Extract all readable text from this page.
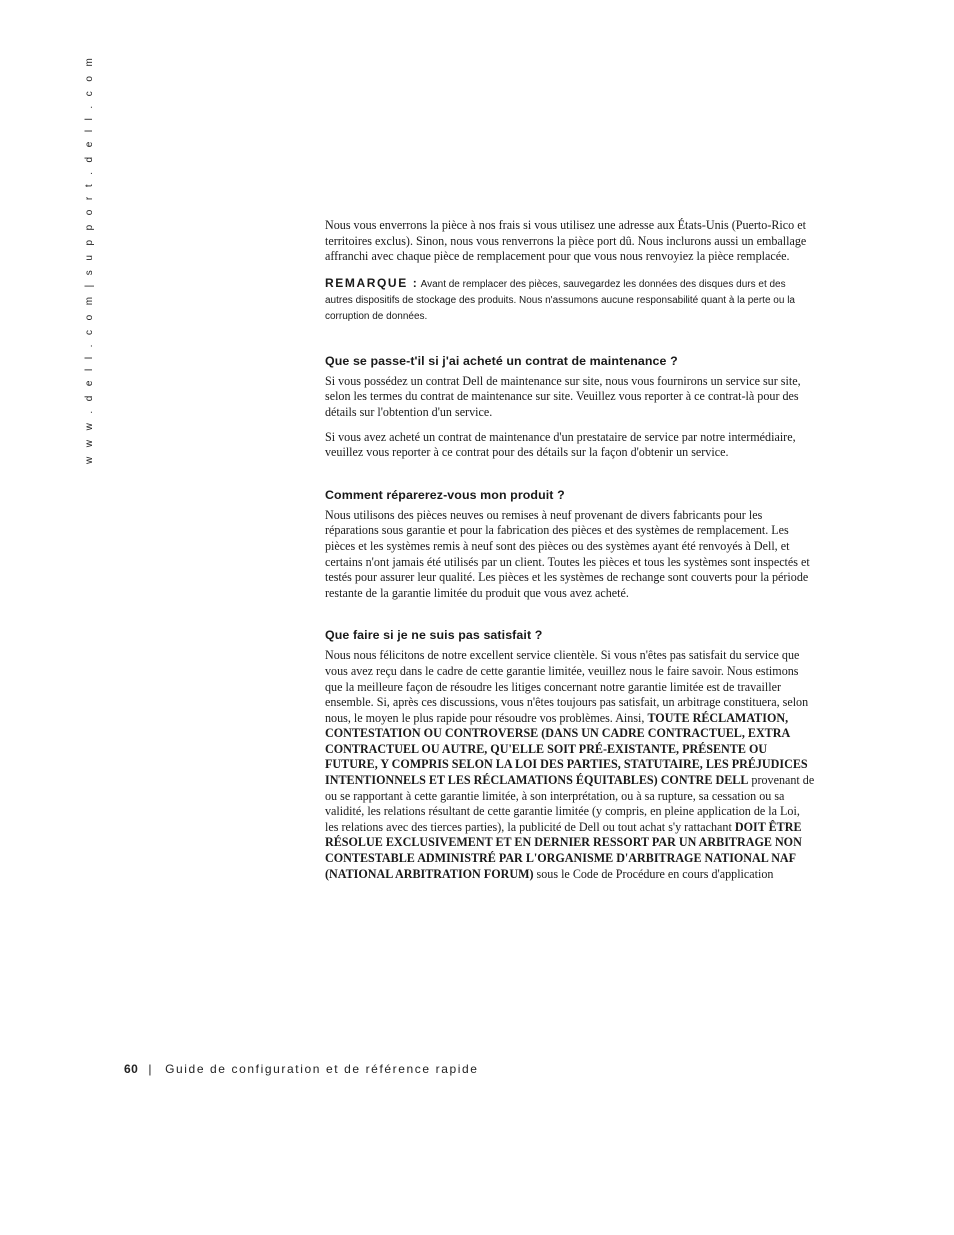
w w w . d e l l . c o m | s u p p o r t . d e l l . c o m	Nous vous enverrons la pièce à nos frais si vous utilisez une adresse aux États-Unis (Puerto-Rico et territoires exclus). Sinon, nous vous renverrons la pièce port dû. Nous inclurons aussi un emballage affranchi avec chaque pièce de remplacement pour que vous nous renvoyiez la pièce remplacée.

REMARQUE : Avant de remplacer des pièces, sauvegardez les données des disques durs et des autres dispositifs de stockage des produits. Nous n'assumons aucune responsabilité quant à la perte ou la corruption de données.
Que se passe-t'il si j'ai acheté un contrat de maintenance ?

Si vous possédez un contrat Dell de maintenance sur site, nous vous fournirons un service sur site, selon les termes du contrat de maintenance sur site. Veuillez vous reporter à ce contrat-là pour des détails sur l'obtention d'un service.

Si vous avez acheté un contrat de maintenance d'un prestataire de service par notre intermédiaire, veuillez vous reporter à ce contrat pour des détails sur la façon d'obtenir un service.

Comment réparerez-vous mon produit ?

Nous utilisons des pièces neuves ou remises à neuf provenant de divers fabricants pour les réparations sous garantie et pour la fabrication des pièces et des systèmes de remplacement. Les pièces et les systèmes remis à neuf sont des pièces ou des systèmes ayant été renvoyés à Dell, et certains n'ont jamais été utilisés par un client. Toutes les pièces et tous les systèmes sont inspectés et testés pour assurer leur qualité. Les pièces et les systèmes de rechange sont couverts pour la période restante de la garantie limitée du produit que vous avez acheté.

Que faire si je ne suis pas satisfait ?

Nous nous félicitons de notre excellent service clientèle. Si vous n'êtes pas satisfait du service que vous avez reçu dans le cadre de cette garantie limitée, veuillez nous le faire savoir. Nous estimons que la meilleure façon de résoudre les litiges concernant notre garantie limitée est de travailler ensemble. Si, après ces discussions, vous n'êtes toujours pas satisfait, un arbitrage constituera, selon nous, le moyen le plus rapide pour résoudre vos problèmes. Ainsi, TOUTE RÉCLAMATION, CONTESTATION OU CONTROVERSE (DANS UN CADRE CONTRACTUEL, EXTRA CONTRACTUEL OU AUTRE, QU'ELLE SOIT PRÉ-EXISTANTE, PRÉSENTE OU FUTURE, Y COMPRIS SELON LA LOI DES PARTIES, STATUTAIRE, LES PRÉJUDICES INTENTIONNELS ET LES RÉCLAMATIONS ÉQUITABLES) CONTRE DELL provenant de ou se rapportant à cette garantie limitée, à son interprétation, ou à sa rupture, sa cessation ou sa validité, les relations résultant de cette garantie limitée (y compris, en pleine application de la Loi, les relations avec des tierces parties), la publicité de Dell ou tout achat s'y rattachant DOIT ÊTRE RÉSOLUE EXCLUSIVEMENT ET EN DERNIER RESSORT PAR UN ARBITRAGE NON CONTESTABLE ADMINISTRÉ PAR L'ORGANISME D'ARBITRAGE NATIONAL NAF (NATIONAL ARBITRATION FORUM) sous le Code de Procédure en cours d'application

60 | Guide de configuration et de référence rapide
